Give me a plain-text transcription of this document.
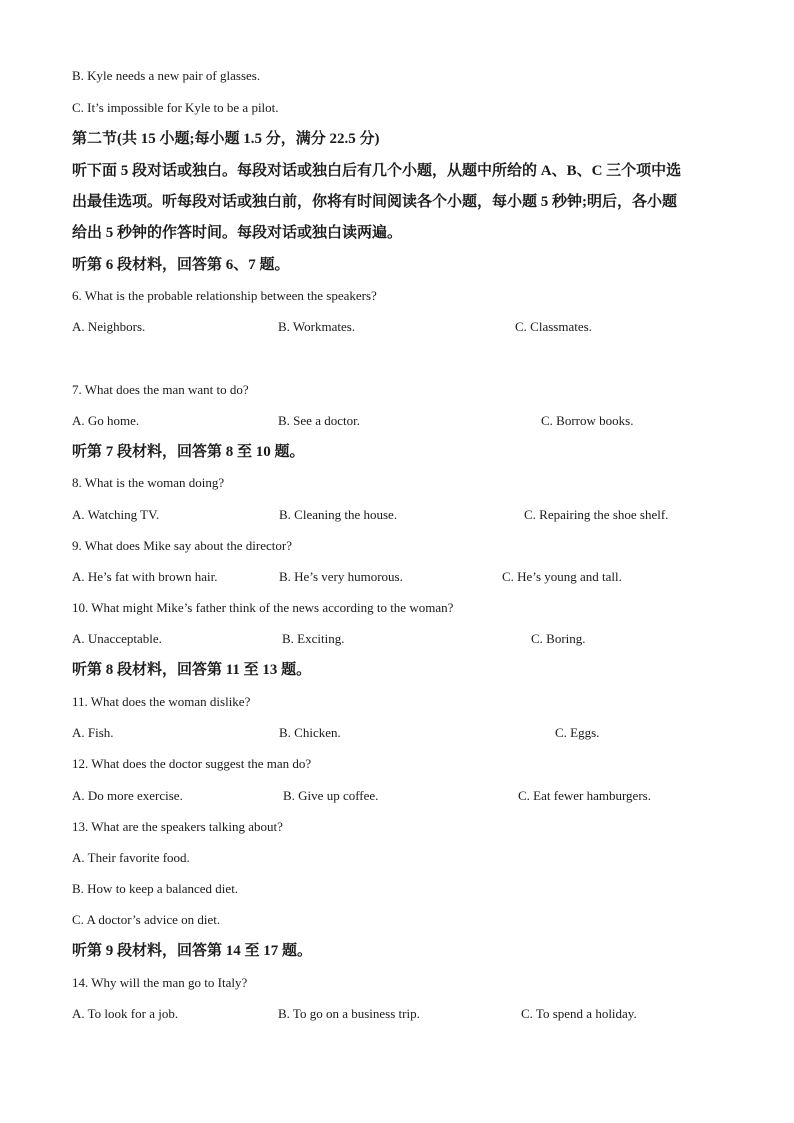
B. Kyle needs a new pair of glasses.
C. It’s impossible for Kyle to be a pilot.
第二节(共 15 小题;每小题 1.5 分，满分 22.5 分)
听下面 5 段对话或独白。每段对话或独白后有几个小题，从题中所给的 A、B、C 三个项中选
出最佳选项。听每段对话或独白前，你将有时间阅读各个小题，每小题 5 秒钟;明后，各小题
给出 5 秒钟的作答时间。每段对话或独白读两遍。
听第 6 段材料，回答第 6、7 题。
6. What is the probable relationship between the speakers?
A. Neighbors.	B. Workmates.	C. Classmates.
7. What does the man want to do?
A. Go home.	B. See a doctor.	C. Borrow books.
听第 7 段材料，回答第 8 至 10 题。
8. What is the woman doing?
A. Watching TV.	B. Cleaning the house.	C. Repairing the shoe shelf.
9. What does Mike say about the director?
A. He’s fat with brown hair.	B. He’s very humorous.	C. He’s young and tall.
10. What might Mike’s father think of the news according to the woman?
A. Unacceptable.	B. Exciting.	C. Boring.
听第 8 段材料，回答第 11 至 13 题。
11. What does the woman dislike?
A. Fish.	B. Chicken.	C. Eggs.
12. What does the doctor suggest the man do?
A. Do more exercise.	B. Give up coffee.	C. Eat fewer hamburgers.
13. What are the speakers talking about?
A. Their favorite food.
B. How to keep a balanced diet.
C. A doctor’s advice on diet.
听第 9 段材料，回答第 14 至 17 题。
14. Why will the man go to Italy?
A. To look for a job.	B. To go on a business trip.	C. To spend a holiday.
